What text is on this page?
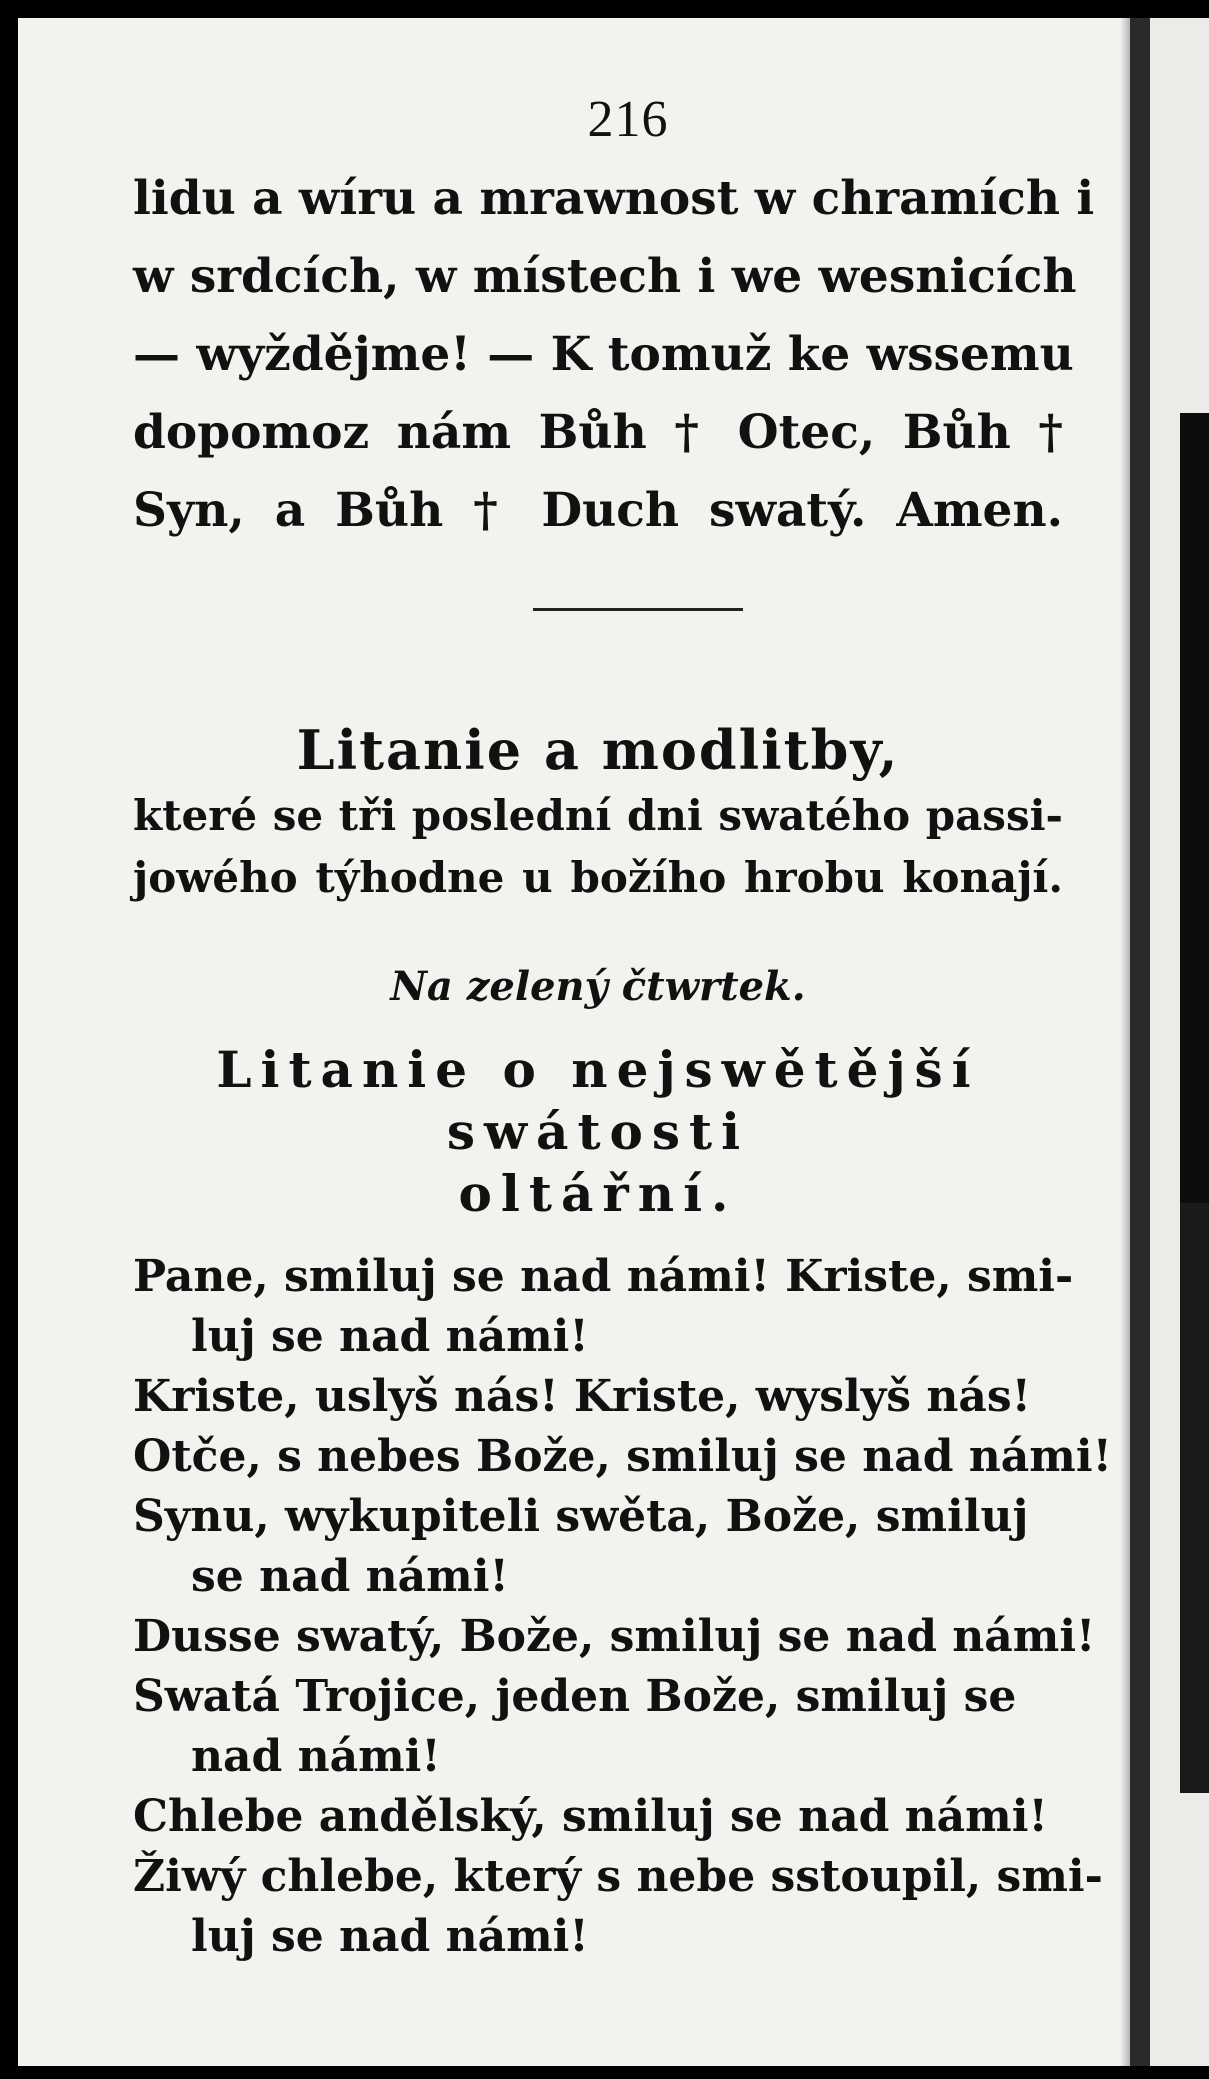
216
lidu a wíru a mrawnost w chramích i
w srdcích, w místech i we wesnicích
— wyždějme! — K tomuž ke wssemu
dopomoz nám Bůh † Otec, Bůh †
Syn, a Bůh † Duch swatý. Amen.
Litanie a modlitby,
které se tři poslední dni swatého passi-
jowého týhodne u božího hrobu konají.
Na zelený čtwrtek.
Litanie o nejswětější swátosti
oltářní.
Pane, smiluj se nad námi! Kriste, smi-
luj se nad námi!
Kriste, uslyš nás! Kriste, wyslyš nás!
Otče, s nebes Bože, smiluj se nad námi!
Synu, wykupiteli swěta, Bože, smiluj
se nad námi!
Dusse swatý, Bože, smiluj se nad námi!
Swatá Trojice, jeden Bože, smiluj se
nad námi!
Chlebe andělský, smiluj se nad námi!
Žiwý chlebe, který s nebe sstoupil, smi-
luj se nad námi!
